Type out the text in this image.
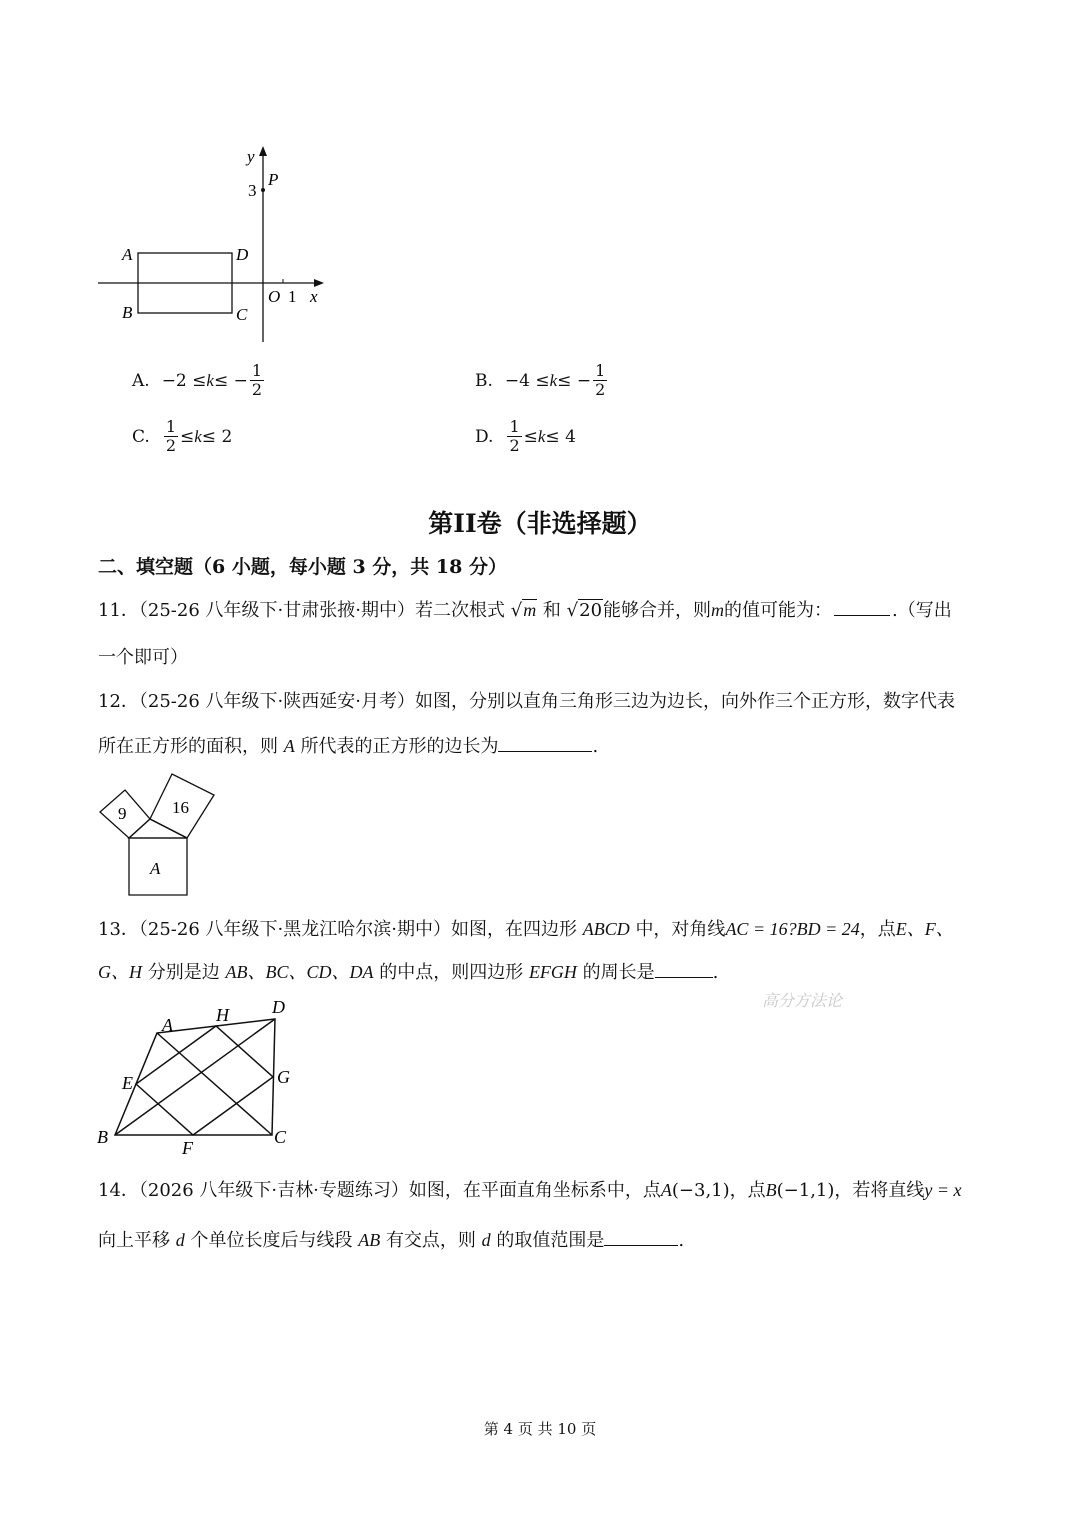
y
3
P
A	D
B	C
O 1 x
A. −2 ≤ k ≤ − $\frac{1}{2}$	B. −4 ≤ k ≤ − $\frac{1}{2}$
C. $\frac{1}{2} \le k \le 2$	D. $\frac{1}{2} \le k \le 4$
第II卷（非选择题）
二、填空题（6 小题，每小题 3 分，共 18 分）
11．（25-26 八年级下·甘肃张掖·期中）若二次根式 √m 和 √20能够合并，则m的值可能为：	.（写出
一个即可）
12．（25-26 八年级下·陕西延安·月考）如图，分别以直角三角形三边为边长，向外作三个正方形，数字代表
所在正方形的面积，则 A 所代表的正方形的边长为	.
9	16
A
13．（25-26 八年级下·黑龙江哈尔滨·期中）如图，在四边形 ABCD 中，对角线AC = 16?BD = 24，点E、F、
G、H 分别是边 AB、BC、CD、DA 的中点，则四边形 EFGH 的周长是	.
高分方法论
A H D
E	G
B
F
C
14．（2026 八年级下·吉林·专题练习）如图，在平面直角坐标系中，点A(−3,1)，点B(−1,1)，若将直线y = x
向上平移 d 个单位长度后与线段 AB 有交点，则 d 的取值范围是	.
第 4 页 共 10 页
